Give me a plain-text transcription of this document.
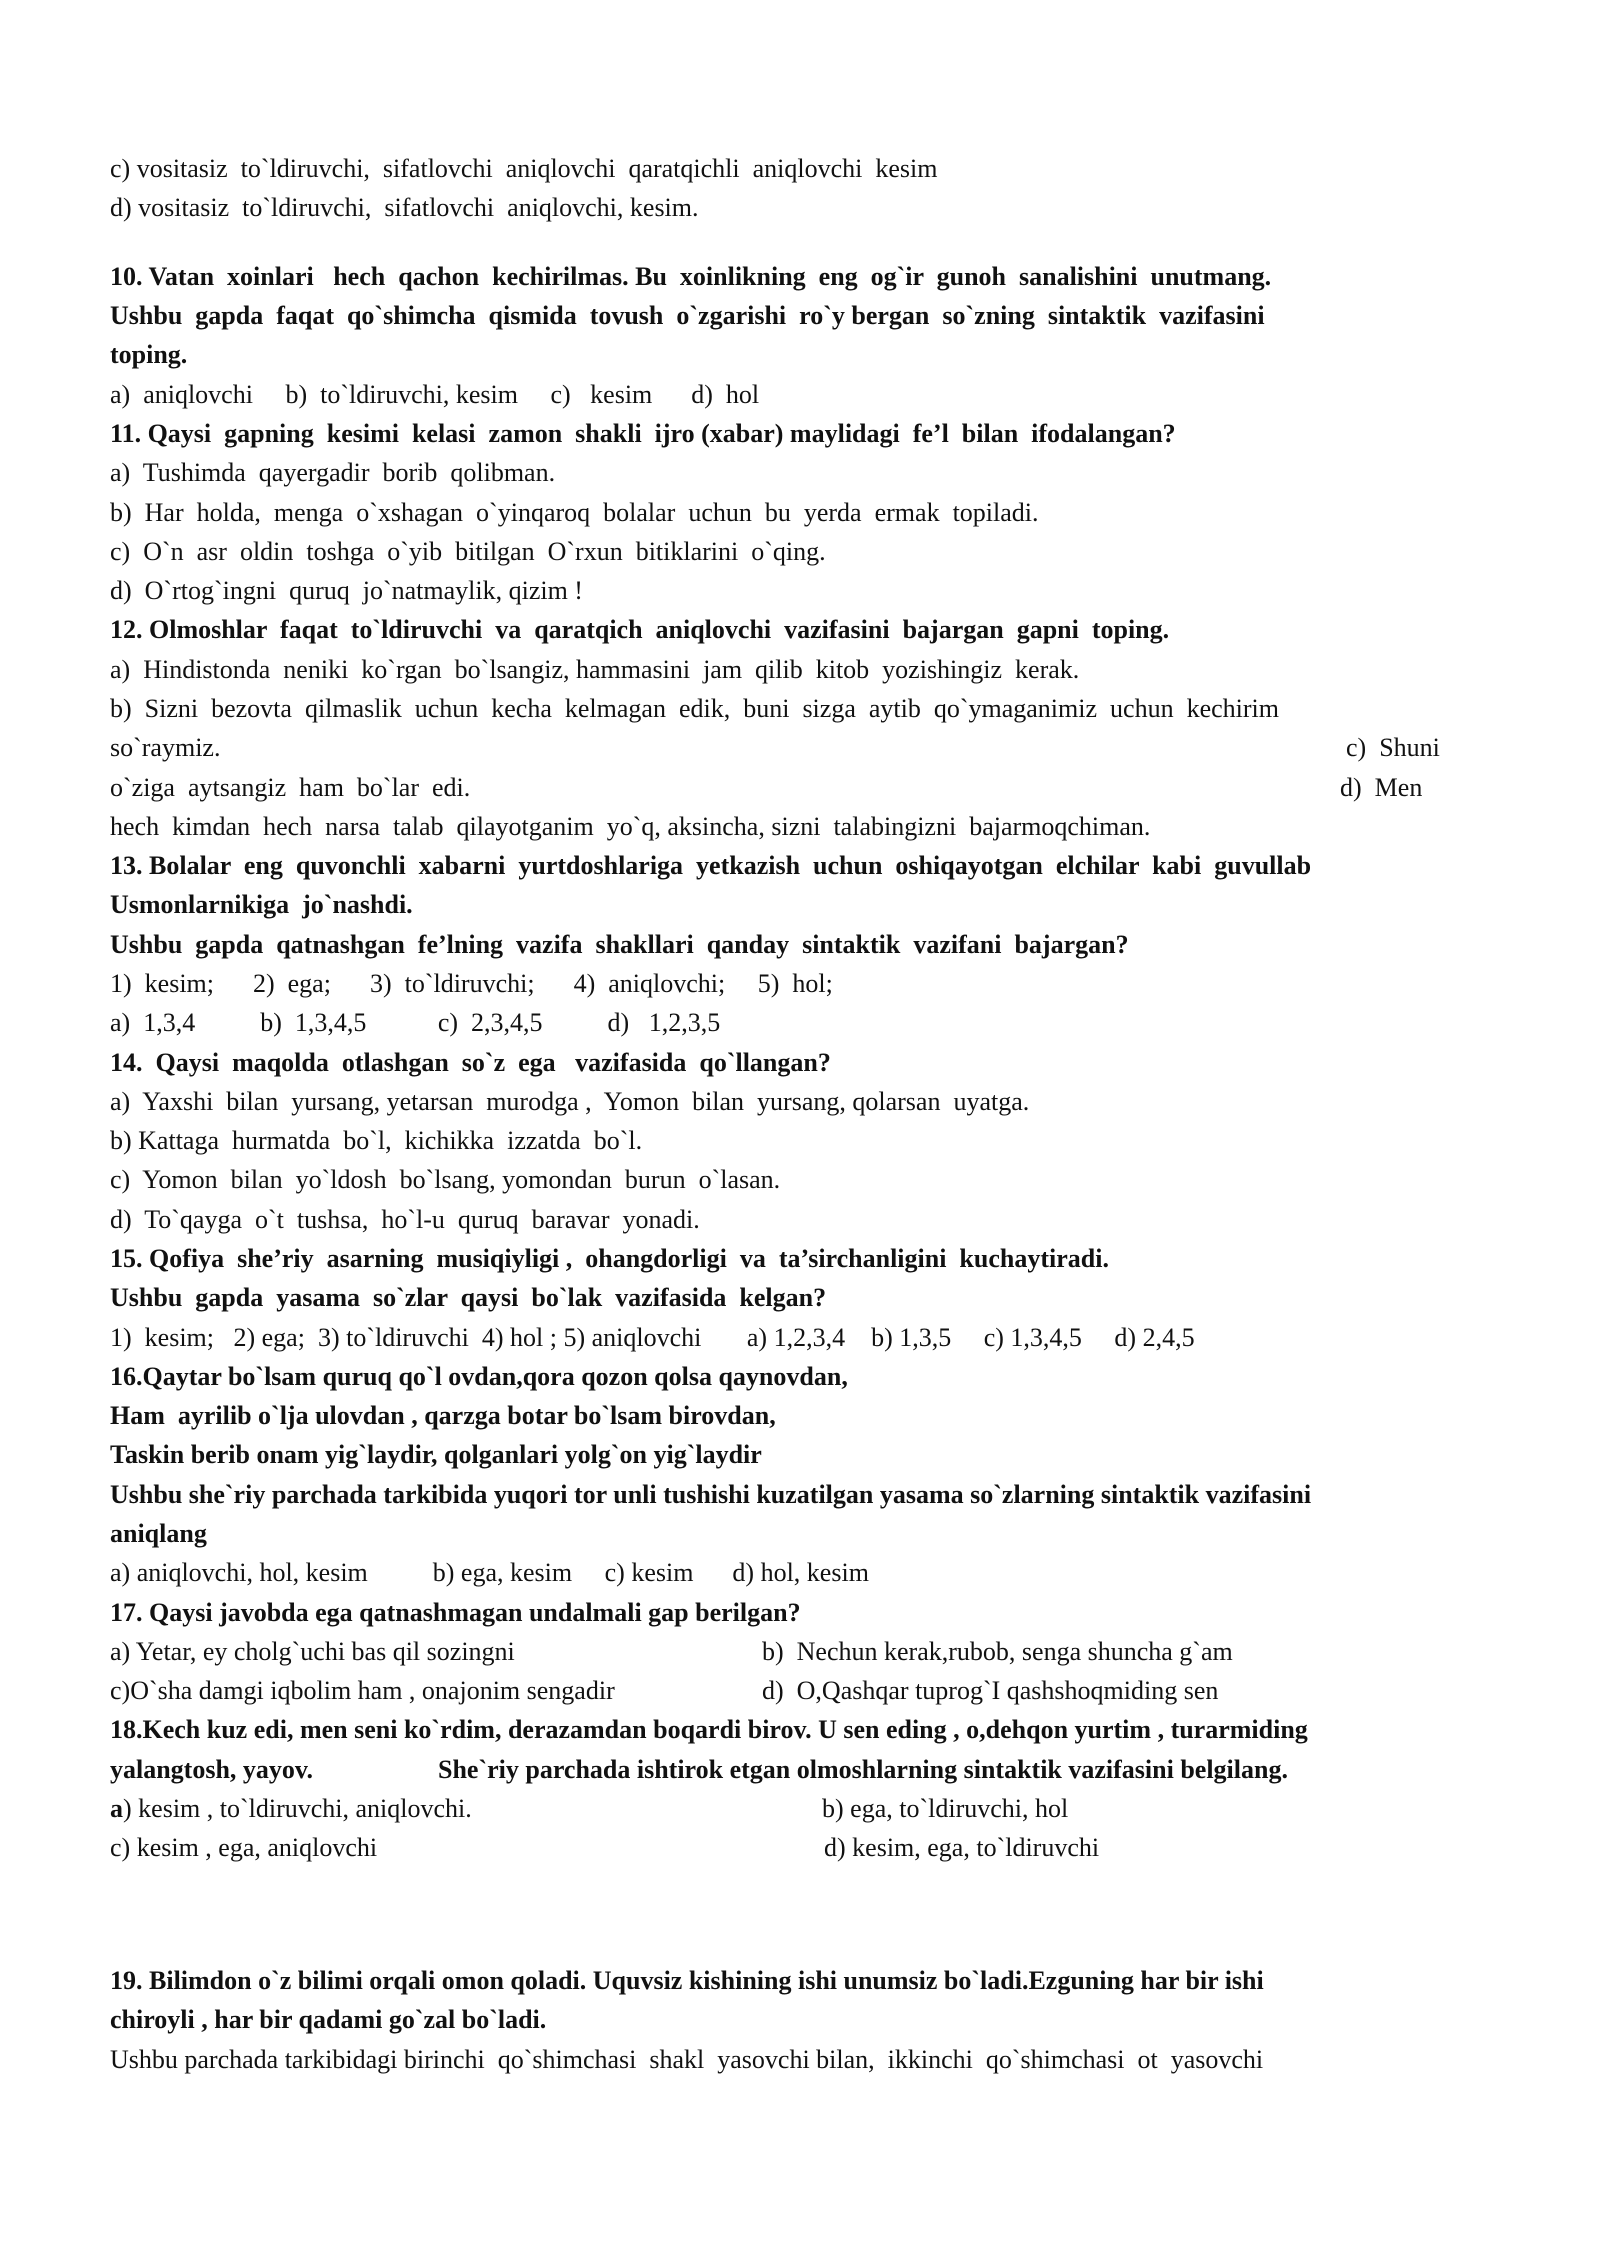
c) vositasiz  to`ldiruvchi,  sifatlovchi  aniqlovchi  qaratqichli  aniqlovchi  kesim
d) vositasiz  to`ldiruvchi,  sifatlovchi  aniqlovchi, kesim.
10. Vatan  xoinlari   hech  qachon  kechirilmas. Bu  xoinlikning  eng  og`ir  gunoh  sanalishini  unutmang.
Ushbu  gapda  faqat  qo`shimcha  qismida  tovush  o`zgarishi  ro`y bergan  so`zning  sintaktik  vazifasini
toping.
a)  aniqlovchi     b)  to`ldiruvchi, kesim     c)   kesim      d)  hol
11. Qaysi  gapning  kesimi  kelasi  zamon  shakli  ijro (xabar) maylidagi  fe’l  bilan  ifodalangan?
a)  Tushimda  qayergadir  borib  qolibman.
b)  Har  holda,  menga  o`xshagan  o`yinqaroq  bolalar  uchun  bu  yerda  ermak  topiladi.
c)  O`n  asr  oldin  toshga  o`yib  bitilgan  O`rxun  bitiklarini  o`qing.
d)  O`rtog`ingni  quruq  jo`natmaylik, qizim !
12. Olmoshlar  faqat  to`ldiruvchi  va  qaratqich  aniqlovchi  vazifasini  bajargan  gapni  toping.
a)  Hindistonda  neniki  ko`rgan  bo`lsangiz, hammasini  jam  qilib  kitob  yozishingiz  kerak.
b)  Sizni  bezovta  qilmaslik  uchun  kecha  kelmagan  edik,  buni  sizga  aytib  qo`ymaganimiz  uchun  kechirim
so`raymiz.	c)  Shuni
o`ziga  aytsangiz  ham  bo`lar  edi.	d)  Men
hech  kimdan  hech  narsa  talab  qilayotganim  yo`q, aksincha, sizni  talabingizni  bajarmoqchiman.
13. Bolalar  eng  quvonchli  xabarni  yurtdoshlariga  yetkazish  uchun  oshiqayotgan  elchilar  kabi  guvullab
Usmonlarnikiga  jo`nashdi.
Ushbu  gapda  qatnashgan  fe’lning  vazifa  shakllari  qanday  sintaktik  vazifani  bajargan?
1)  kesim;      2)  ega;      3)  to`ldiruvchi;      4)  aniqlovchi;     5)  hol;
a)  1,3,4          b)  1,3,4,5           c)  2,3,4,5          d)   1,2,3,5
14.  Qaysi  maqolda  otlashgan  so`z  ega   vazifasida  qo`llangan?
a)  Yaxshi  bilan  yursang, yetarsan  murodga ,  Yomon  bilan  yursang, qolarsan  uyatga.
b) Kattaga  hurmatda  bo`l,  kichikka  izzatda  bo`l.
c)  Yomon  bilan  yo`ldosh  bo`lsang, yomondan  burun  o`lasan.
d)  To`qayga  o`t  tushsa,  ho`l-u  quruq  baravar  yonadi.
15. Qofiya  she’riy  asarning  musiqiyligi ,  ohangdorligi  va  ta’sirchanligini  kuchaytiradi.
Ushbu  gapda  yasama  so`zlar  qaysi  bo`lak  vazifasida  kelgan?
1)  kesim;   2) ega;  3) to`ldiruvchi  4) hol ; 5) aniqlovchi       a) 1,2,3,4    b) 1,3,5     c) 1,3,4,5     d) 2,4,5
16.Qaytar bo`lsam quruq qo`l ovdan,qora qozon qolsa qaynovdan,
Ham  ayrilib o`lja ulovdan , qarzga botar bo`lsam birovdan,
Taskin berib onam yig`laydir, qolganlari yolg`on yig`laydir
Ushbu she`riy parchada tarkibida yuqori tor unli tushishi kuzatilgan yasama so`zlarning sintaktik vazifasini
aniqlang
a) aniqlovchi, hol, kesim          b) ega, kesim     c) kesim      d) hol, kesim
17. Qaysi javobda ega qatnashmagan undalmali gap berilgan?
a) Yetar, ey cholg`uchi bas qil sozingni	b)  Nechun kerak,rubob, senga shuncha g`am
c)O`sha damgi iqbolim ham , onajonim sengadir	d)  O,Qashqar tuprog`I qashshoqmiding sen
18.Kech kuz edi, men seni ko`rdim, derazamdan boqardi birov. U sen eding , o,dehqon yurtim , turarmiding
yalangtosh, yayov.	She`riy parchada ishtirok etgan olmoshlarning sintaktik vazifasini belgilang.
a) kesim , to`ldiruvchi, aniqlovchi.	b) ega, to`ldiruvchi, hol
c) kesim , ega, aniqlovchi	d) kesim, ega, to`ldiruvchi
19. Bilimdon o`z bilimi orqali omon qoladi. Uquvsiz kishining ishi unumsiz bo`ladi.Ezguning har bir ishi
chiroyli , har bir qadami go`zal bo`ladi.
Ushbu parchada tarkibidagi birinchi  qo`shimchasi  shakl  yasovchi bilan,  ikkinchi  qo`shimchasi  ot  yasovchi
